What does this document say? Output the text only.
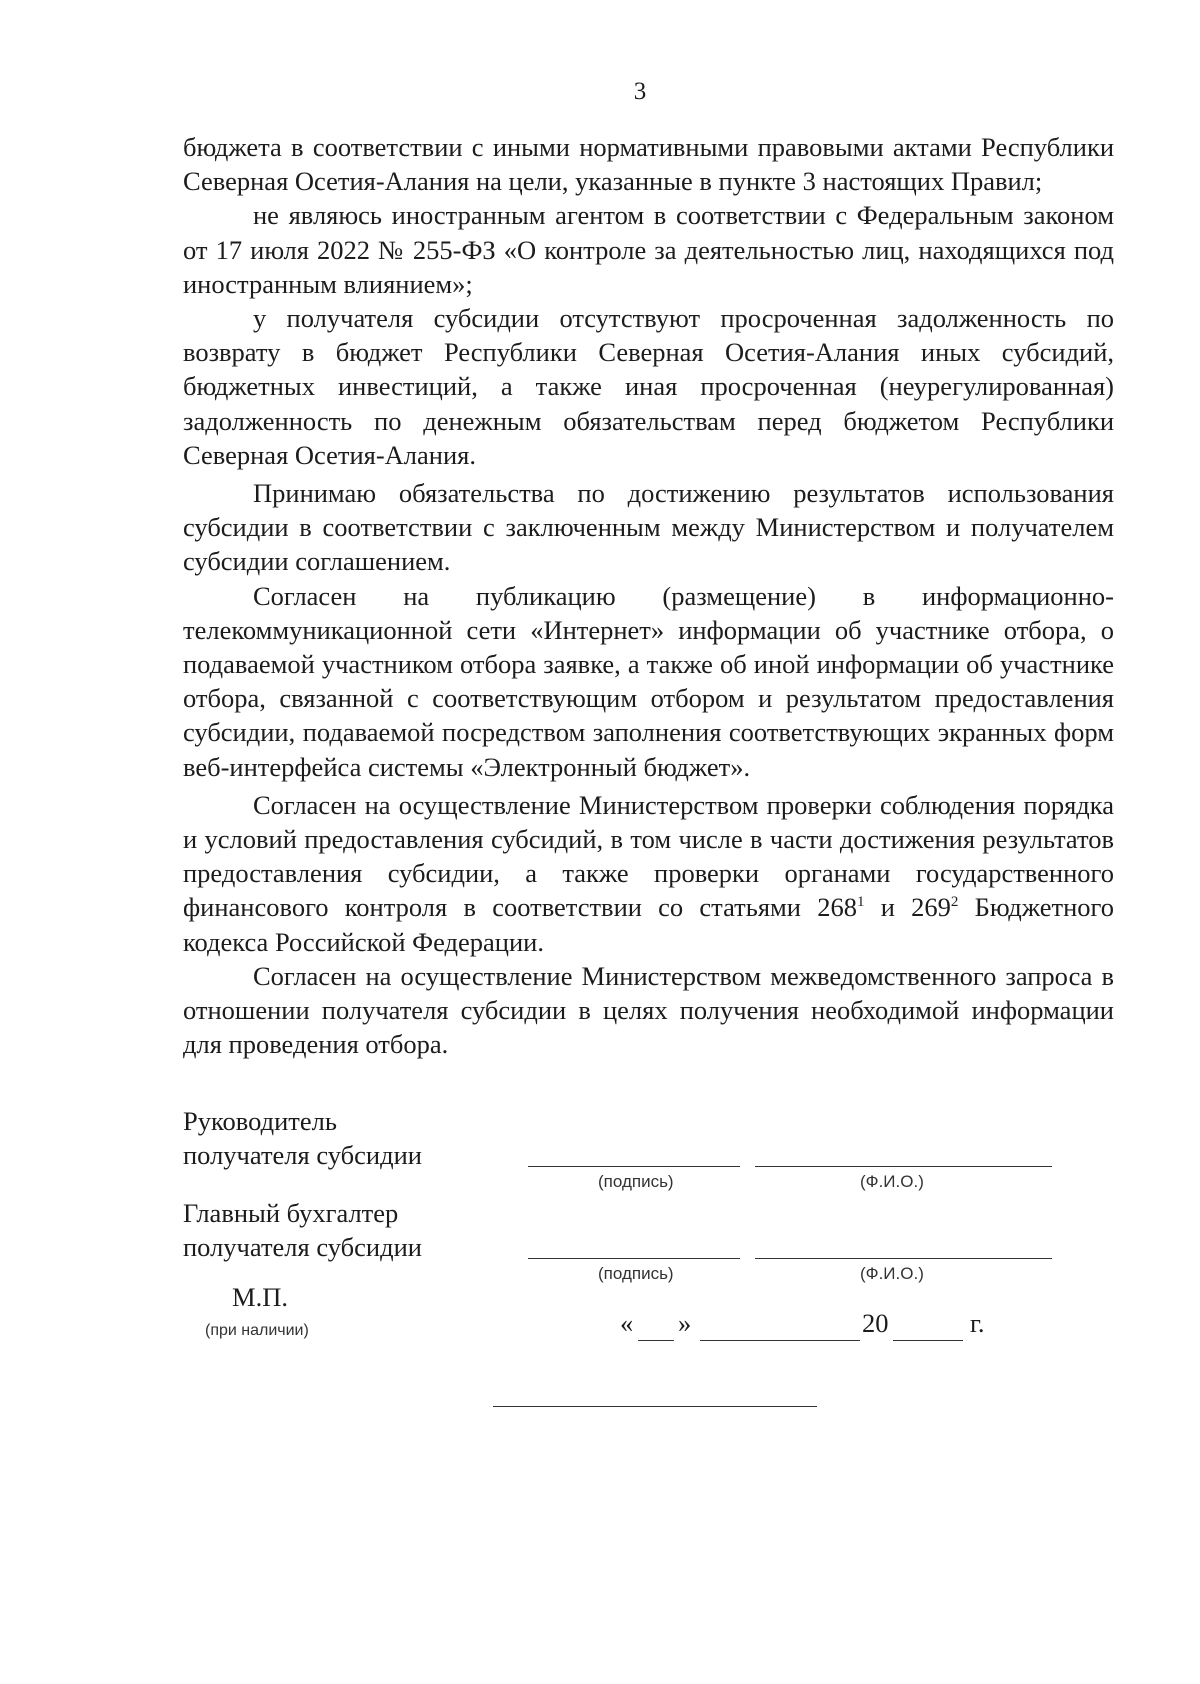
3

бюджета в соответствии с иными нормативными правовыми актами Республики Северная Осетия-Алания на цели, указанные в пункте 3 настоящих Правил;

не являюсь иностранным агентом в соответствии с Федеральным законом от 17 июля 2022 № 255-ФЗ «О контроле за деятельностью лиц, находящихся под иностранным влиянием»;

у получателя субсидии отсутствуют просроченная задолженность по возврату в бюджет Республики Северная Осетия-Алания иных субсидий, бюджетных инвестиций, а также иная просроченная (неурегулированная) задолженность по денежным обязательствам перед бюджетом Республики Северная Осетия-Алания.

Принимаю обязательства по достижению результатов использования субсидии в соответствии с заключенным между Министерством и получателем субсидии соглашением.

Согласен на публикацию (размещение) в информационно-телекоммуникационной сети «Интернет» информации об участнике отбора, о подаваемой участником отбора заявке, а также об иной информации об участнике отбора, связанной с соответствующим отбором и результатом предоставления субсидии, подаваемой посредством заполнения соответствующих экранных форм веб-интерфейса системы «Электронный бюджет».

Согласен на осуществление Министерством проверки соблюдения порядка и условий предоставления субсидий, в том числе в части достижения результатов предоставления субсидии, а также проверки органами государственного финансового контроля в соответствии со статьями $268^1$ и $269^2$ Бюджетного кодекса Российской Федерации.

Согласен на осуществление Министерством межведомственного запроса в отношении получателя субсидии в целях получения необходимой информации для проведения отбора.

Руководитель
получателя субсидии
(подпись)	(Ф.И.О.)
Главный бухгалтер
получателя субсидии
(подпись)	(Ф.И.О.)
М.П.
(при наличии)	« »	20	г.
